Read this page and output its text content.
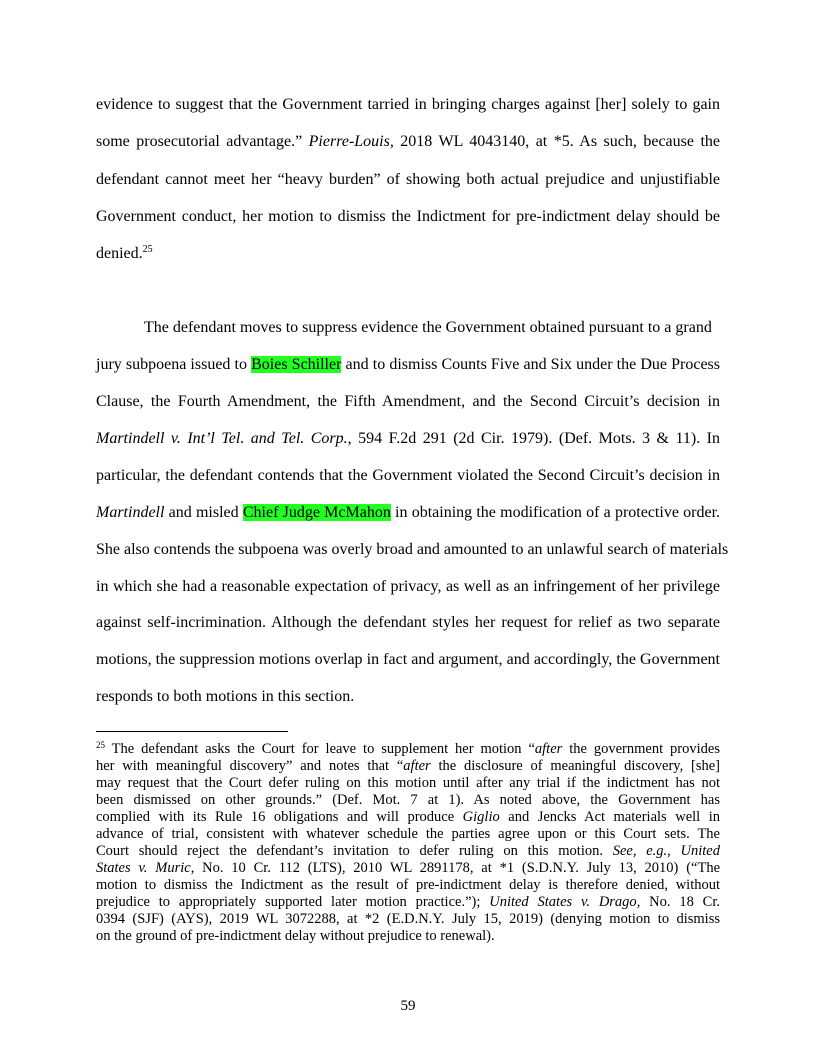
evidence to suggest that the Government tarried in bringing charges against [her] solely to gain
some prosecutorial advantage.” Pierre-Louis, 2018 WL 4043140, at *5. As such, because the
defendant cannot meet her “heavy burden” of showing both actual prejudice and unjustifiable
Government conduct, her motion to dismiss the Indictment for pre-indictment delay should be
denied.$^{25}$
The defendant moves to suppress evidence the Government obtained pursuant to a grand
jury subpoena issued to Boies Schiller and to dismiss Counts Five and Six under the Due Process
Clause, the Fourth Amendment, the Fifth Amendment, and the Second Circuit’s decision in
Martindell v. Int’l Tel. and Tel. Corp., 594 F.2d 291 (2d Cir. 1979). (Def. Mots. 3 & 11). In
particular, the defendant contends that the Government violated the Second Circuit’s decision in
Martindell and misled Chief Judge McMahon in obtaining the modification of a protective order.
She also contends the subpoena was overly broad and amounted to an unlawful search of materials
in which she had a reasonable expectation of privacy, as well as an infringement of her privilege
against self-incrimination. Although the defendant styles her request for relief as two separate
motions, the suppression motions overlap in fact and argument, and accordingly, the Government
responds to both motions in this section.
$^{25}$ The defendant asks the Court for leave to supplement her motion “after the government provides
her with meaningful discovery” and notes that “after the disclosure of meaningful discovery, [she]
may request that the Court defer ruling on this motion until after any trial if the indictment has not
been dismissed on other grounds.” (Def. Mot. 7 at 1). As noted above, the Government has
complied with its Rule 16 obligations and will produce Giglio and Jencks Act materials well in
advance of trial, consistent with whatever schedule the parties agree upon or this Court sets. The
Court should reject the defendant’s invitation to defer ruling on this motion. See, e.g., United
States v. Muric, No. 10 Cr. 112 (LTS), 2010 WL 2891178, at *1 (S.D.N.Y. July 13, 2010) (“The
motion to dismiss the Indictment as the result of pre-indictment delay is therefore denied, without
prejudice to appropriately supported later motion practice.”); United States v. Drago, No. 18 Cr.
0394 (SJF) (AYS), 2019 WL 3072288, at *2 (E.D.N.Y. July 15, 2019) (denying motion to dismiss
on the ground of pre-indictment delay without prejudice to renewal).
59
